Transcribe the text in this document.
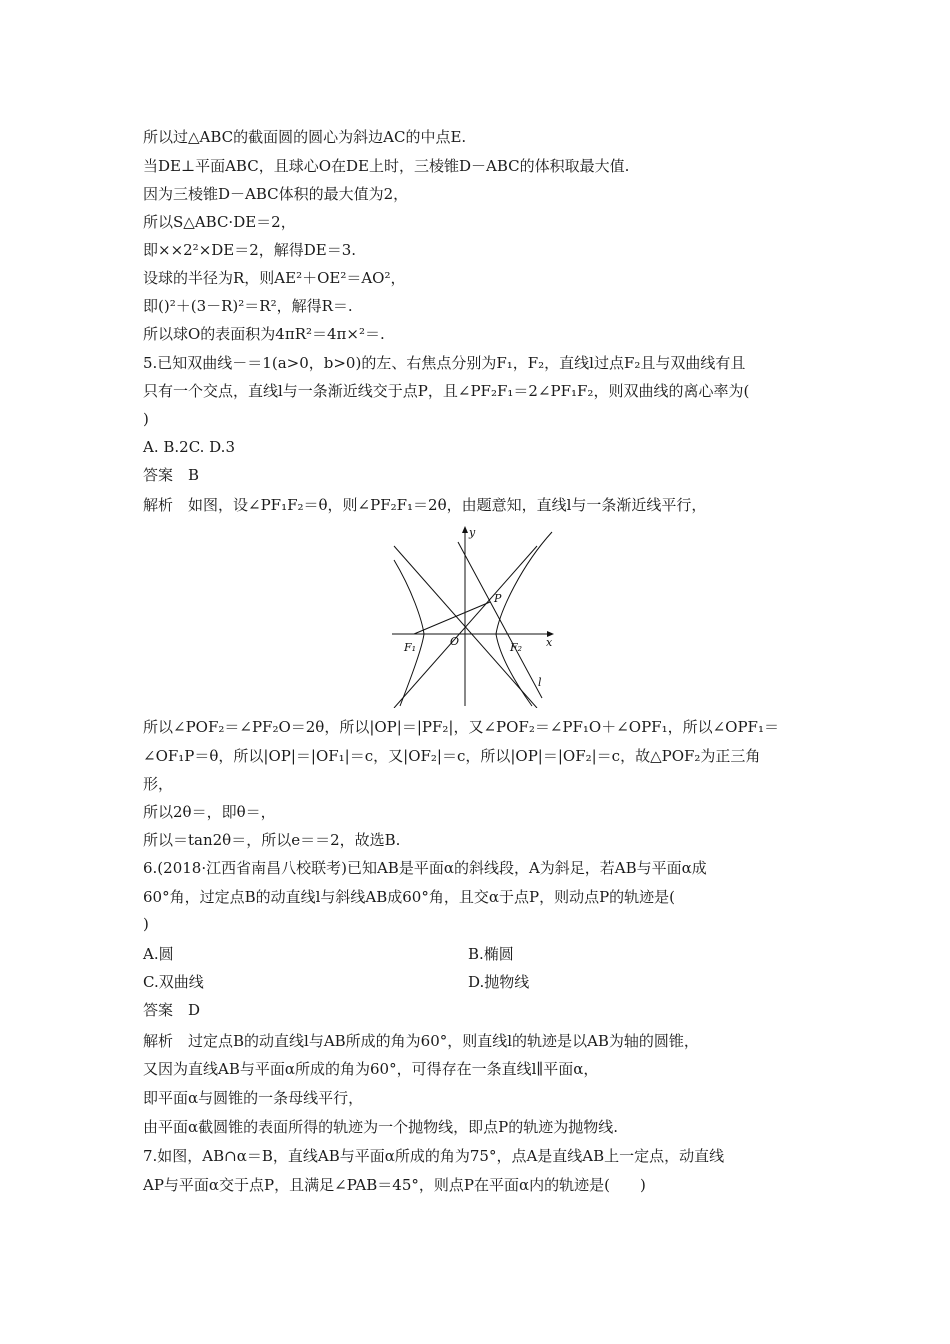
所以过△ABC的截面圆的圆心为斜边AC的中点E.
当DE⊥平面ABC，且球心O在DE上时，三棱锥D－ABC的体积取最大值.
因为三棱锥D－ABC体积的最大值为2，
所以S△ABC·DE＝2，
即××2²×DE＝2，解得DE＝3.
设球的半径为R，则AE²＋OE²＝AO²，
即()²＋(3－R)²＝R²，解得R＝.
所以球O的表面积为4πR²＝4π×²＝.
5.已知双曲线－＝1(a>0，b>0)的左、右焦点分别为F₁，F₂，直线l过点F₂且与双曲线有且
只有一个交点，直线l与一条渐近线交于点P，且∠PF₂F₁＝2∠PF₁F₂，则双曲线的离心率为(
)
A. B.2C. D.3
答案　B
解析　如图，设∠PF₁F₂＝θ，则∠PF₂F₁＝2θ，由题意知，直线l与一条渐近线平行，
y
x
P
O
F₁	F₂
l
所以∠POF₂＝∠PF₂O＝2θ，所以|OP|＝|PF₂|，又∠POF₂＝∠PF₁O＋∠OPF₁，所以∠OPF₁＝
∠OF₁P＝θ，所以|OP|＝|OF₁|＝c，又|OF₂|＝c，所以|OP|＝|OF₂|＝c，故△POF₂为正三角
形，
所以2θ＝，即θ＝，
所以＝tan2θ＝，所以e＝＝2，故选B.
6.(2018·江西省南昌八校联考)已知AB是平面α的斜线段，A为斜足，若AB与平面α成
60°角，过定点B的动直线l与斜线AB成60°角，且交α于点P，则动点P的轨迹是(
)
A.圆	B.椭圆
C.双曲线	D.抛物线
答案　D
解析　过定点B的动直线l与AB所成的角为60°，则直线l的轨迹是以AB为轴的圆锥，
又因为直线AB与平面α所成的角为60°，可得存在一条直线l∥平面α，
即平面α与圆锥的一条母线平行，
由平面α截圆锥的表面所得的轨迹为一个抛物线，即点P的轨迹为抛物线.
7.如图，AB∩α＝B，直线AB与平面α所成的角为75°，点A是直线AB上一定点，动直线
AP与平面α交于点P，且满足∠PAB＝45°，则点P在平面α内的轨迹是(　　)
